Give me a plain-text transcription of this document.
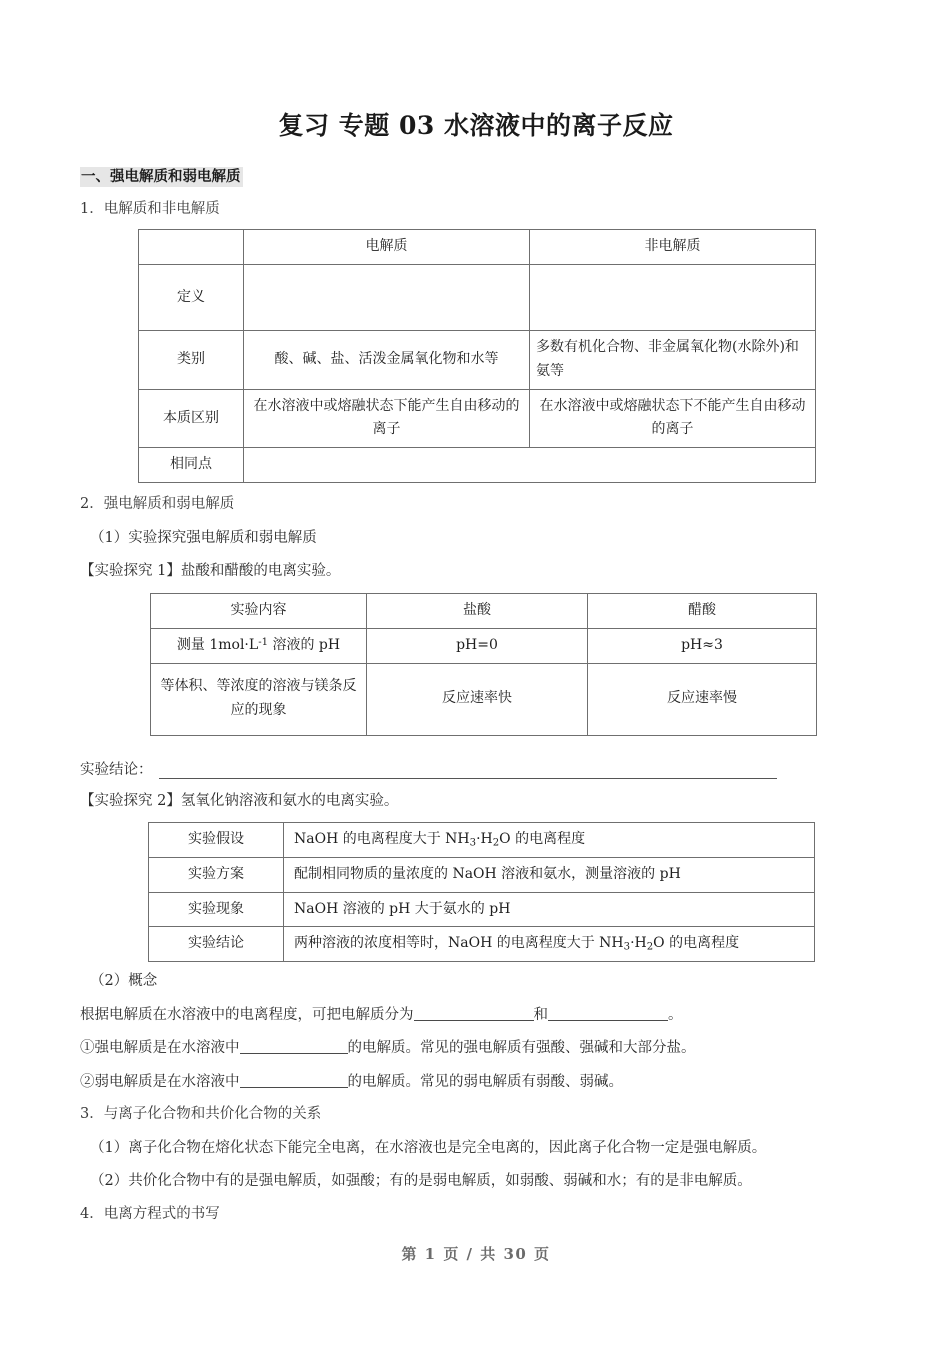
复习 专题 03 水溶液中的离子反应
一、强电解质和弱电解质
1．电解质和非电解质
	电解质	非电解质
定义		
类别	酸、碱、盐、活泼金属氧化物和水等	多数有机化合物、非金属氧化物(水除外)和氨等
本质区别	在水溶液中或熔融状态下能产生自由移动的离子	在水溶液中或熔融状态下不能产生自由移动的离子
相同点		
2．强电解质和弱电解质

（1）实验探究强电解质和弱电解质

【实验探究 1】盐酸和醋酸的电离实验。

实验内容	盐酸	醋酸
测量 $1mol\cdot L^{-1}$ 溶液的 pH	pH=0	pH≈3
等体积、等浓度的溶液与镁条反应的现象	反应速率快	反应速率慢
实验结论：

【实验探究 2】氢氧化钠溶液和氨水的电离实验。

实验假设	NaOH 的电离程度大于 $NH_3\cdot H_2O$ 的电离程度
实验方案	配制相同物质的量浓度的 NaOH 溶液和氨水，测量溶液的 pH
实验现象	NaOH 溶液的 pH 大于氨水的 pH
实验结论	两种溶液的浓度相等时，NaOH 的电离程度大于 $NH_3\cdot H_2O$ 的电离程度

（2）概念

根据电解质在水溶液中的电离程度，可把电解质分为	和	。

①强电解质是在水溶液中	的电解质。常见的强电解质有强酸、强碱和大部分盐。

②弱电解质是在水溶液中	的电解质。常见的弱电解质有弱酸、弱碱。

3．与离子化合物和共价化合物的关系

（1）离子化合物在熔化状态下能完全电离，在水溶液也是完全电离的，因此离子化合物一定是强电解质。

（2）共价化合物中有的是强电解质，如强酸；有的是弱电解质，如弱酸、弱碱和水；有的是非电解质。

4．电离方程式的书写
第 1 页 / 共 30 页
